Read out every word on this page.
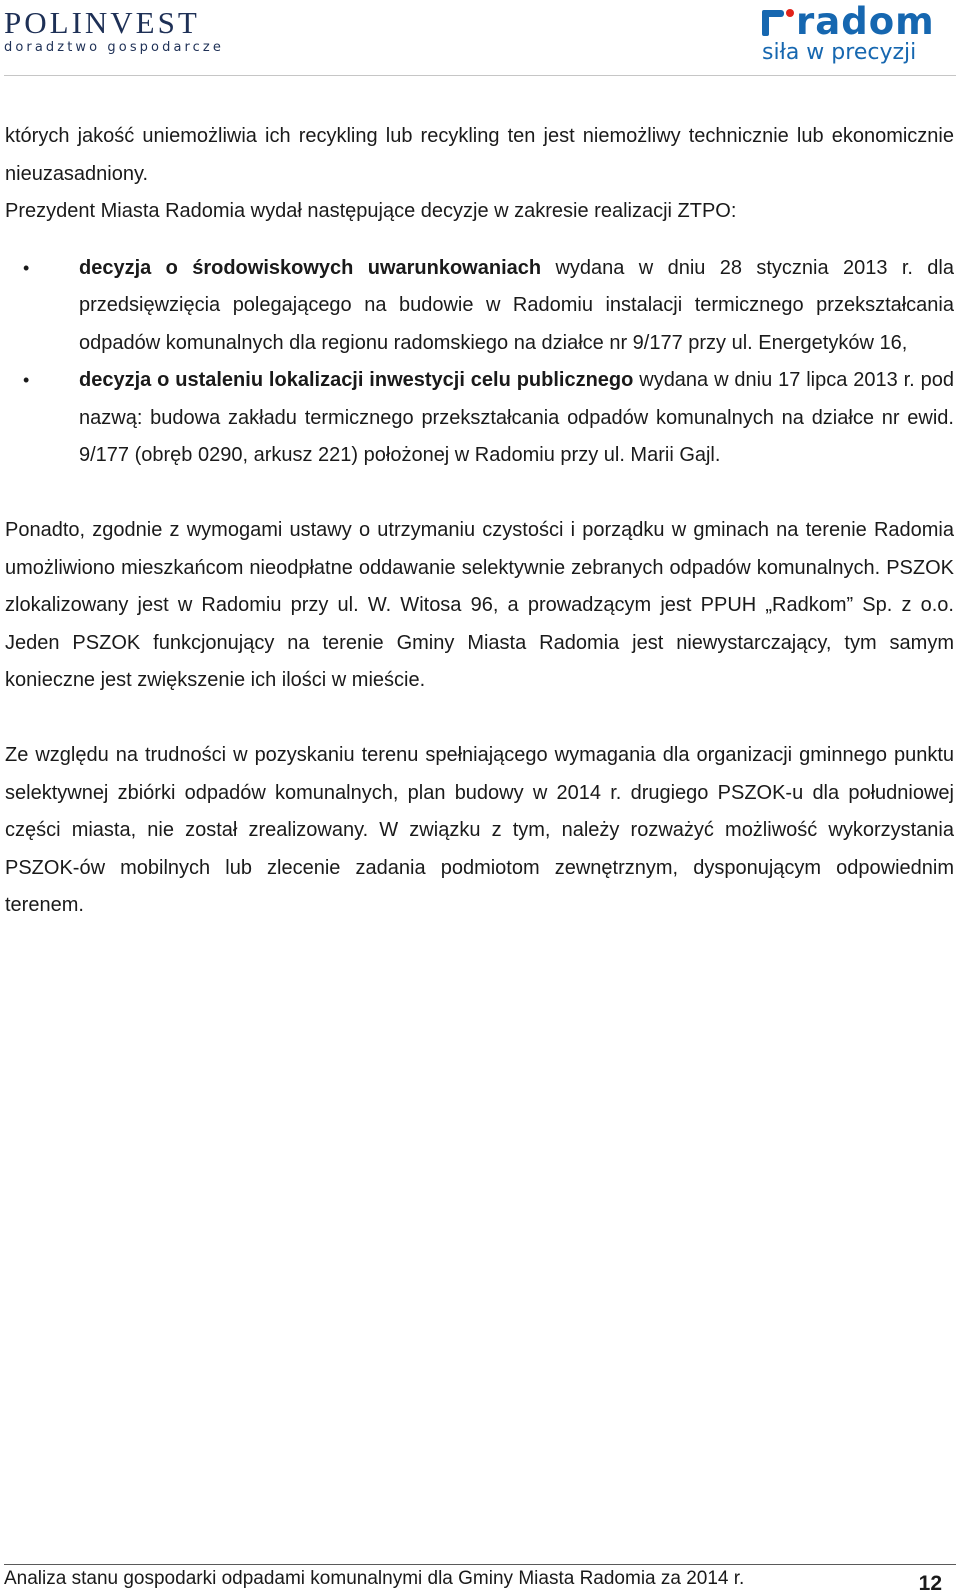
POLINVEST
doradztwo gospodarcze
radom
siła w precyzji

których jakość uniemożliwia ich recykling lub recykling ten jest niemożliwy technicznie lub ekonomicznie nieuzasadniony.

Prezydent Miasta Radomia wydał następujące decyzje w zakresie realizacji ZTPO:

• decyzja o środowiskowych uwarunkowaniach wydana w dniu 28 stycznia 2013 r. dla przedsięwzięcia polegającego na budowie w Radomiu instalacji termicznego przekształcania odpadów komunalnych dla regionu radomskiego na działce nr 9/177 przy ul. Energetyków 16,
• decyzja o ustaleniu lokalizacji inwestycji celu publicznego wydana w dniu 17 lipca 2013 r. pod nazwą: budowa zakładu termicznego przekształcania odpadów komunalnych na działce nr ewid. 9/177 (obręb 0290, arkusz 221) położonej w Radomiu przy ul. Marii Gajl.

Ponadto, zgodnie z wymogami ustawy o utrzymaniu czystości i porządku w gminach na terenie Radomia umożliwiono mieszkańcom nieodpłatne oddawanie selektywnie zebranych odpadów komunalnych. PSZOK zlokalizowany jest w Radomiu przy ul. W. Witosa 96, a prowadzącym jest PPUH „Radkom” Sp. z o.o. Jeden PSZOK funkcjonujący na terenie Gminy Miasta Radomia jest niewystarczający, tym samym konieczne jest zwiększenie ich ilości w mieście.

Ze względu na trudności w pozyskaniu terenu spełniającego wymagania dla organizacji gminnego punktu selektywnej zbiórki odpadów komunalnych, plan budowy w 2014 r. drugiego PSZOK-u dla południowej części miasta, nie został zrealizowany. W związku z tym, należy rozważyć możliwość wykorzystania PSZOK-ów mobilnych lub zlecenie zadania podmiotom zewnętrznym, dysponującym odpowiednim terenem.

Analiza stanu gospodarki odpadami komunalnymi dla Gminy Miasta Radomia za 2014 r.	12
